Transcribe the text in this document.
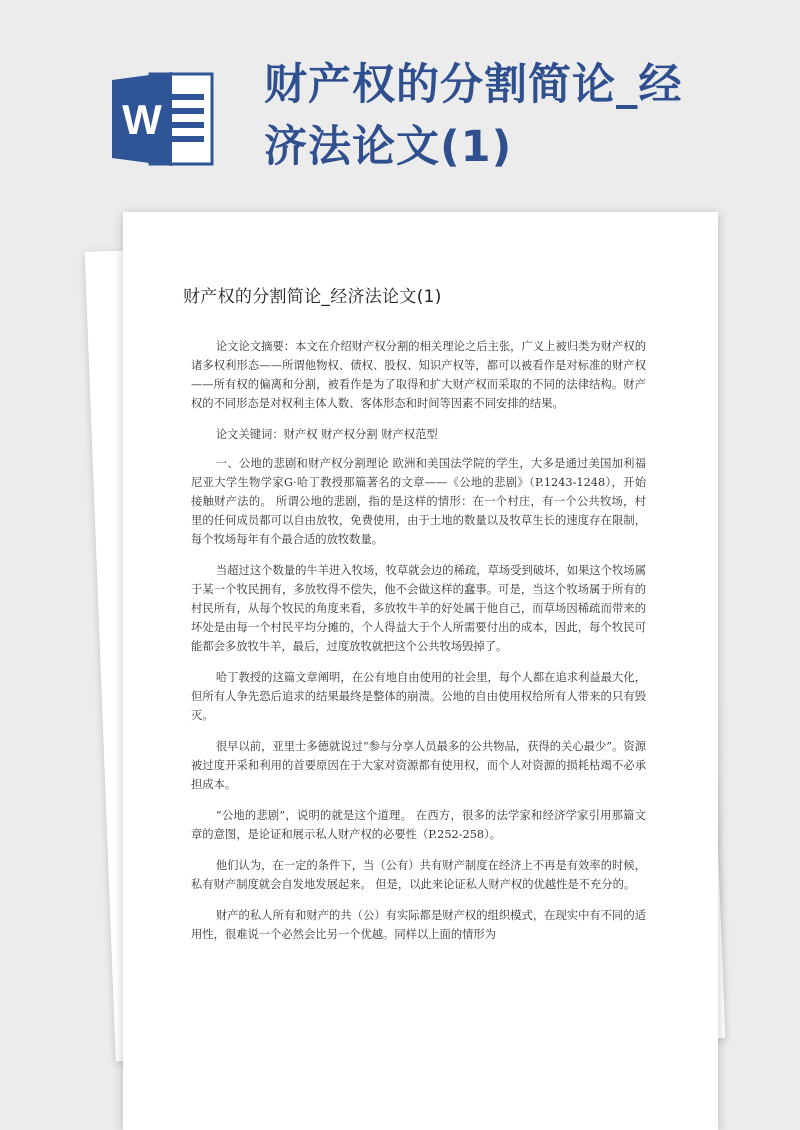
W
财产权的分割简论_经
济法论文(1)
财产权的分割简论_经济法论文(1)

论文论文摘要：本文在介绍财产权分割的相关理论之后主张，广义上被归类为财产权的诸多权利形态——所谓他物权、债权、股权、知识产权等，都可以被看作是对标准的财产权——所有权的偏离和分割，被看作是为了取得和扩大财产权而采取的不同的法律结构。财产权的不同形态是对权利主体人数、客体形态和时间等因素不同安排的结果。

论文关键词：财产权 财产权分割 财产权范型

一、公地的悲剧和财产权分割理论 欧洲和美国法学院的学生，大多是通过美国加利福尼亚大学生物学家G·哈丁教授那篇著名的文章——《公地的悲剧》（P.1243-1248），开始接触财产法的。 所谓公地的悲剧，指的是这样的情形：在一个村庄，有一个公共牧场，村里的任何成员都可以自由放牧，免费使用，由于土地的数量以及牧草生长的速度存在限制，每个牧场每年有个最合适的放牧数量。

当超过这个数量的牛羊进入牧场，牧草就会边的稀疏，草场受到破坏，如果这个牧场属于某一个牧民拥有，多放牧得不偿失，他不会做这样的蠢事。可是，当这个牧场属于所有的村民所有，从每个牧民的角度来看，多放牧牛羊的好处属于他自己，而草场因稀疏而带来的坏处是由每一个村民平均分摊的，个人得益大于个人所需要付出的成本，因此，每个牧民可能都会多放牧牛羊，最后，过度放牧就把这个公共牧场毁掉了。

哈丁教授的这篇文章阐明，在公有地自由使用的社会里，每个人都在追求利益最大化，但所有人争先恐后追求的结果最终是整体的崩溃。公地的自由使用权给所有人带来的只有毁灭。

很早以前，亚里士多德就说过“参与分享人员最多的公共物品，获得的关心最少”。资源被过度开采和利用的首要原因在于大家对资源都有使用权，而个人对资源的损耗枯竭不必承担成本。

“公地的悲剧”，说明的就是这个道理。 在西方，很多的法学家和经济学家引用那篇文章的意图，是论证和展示私人财产权的必要性（P.252-258）。

他们认为，在一定的条件下，当（公有）共有财产制度在经济上不再是有效率的时候，私有财产制度就会自发地发展起来。 但是，以此来论证私人财产权的优越性是不充分的。

财产的私人所有和财产的共（公）有实际都是财产权的组织模式，在现实中有不同的适用性，很难说一个必然会比另一个优越。同样以上面的情形为
